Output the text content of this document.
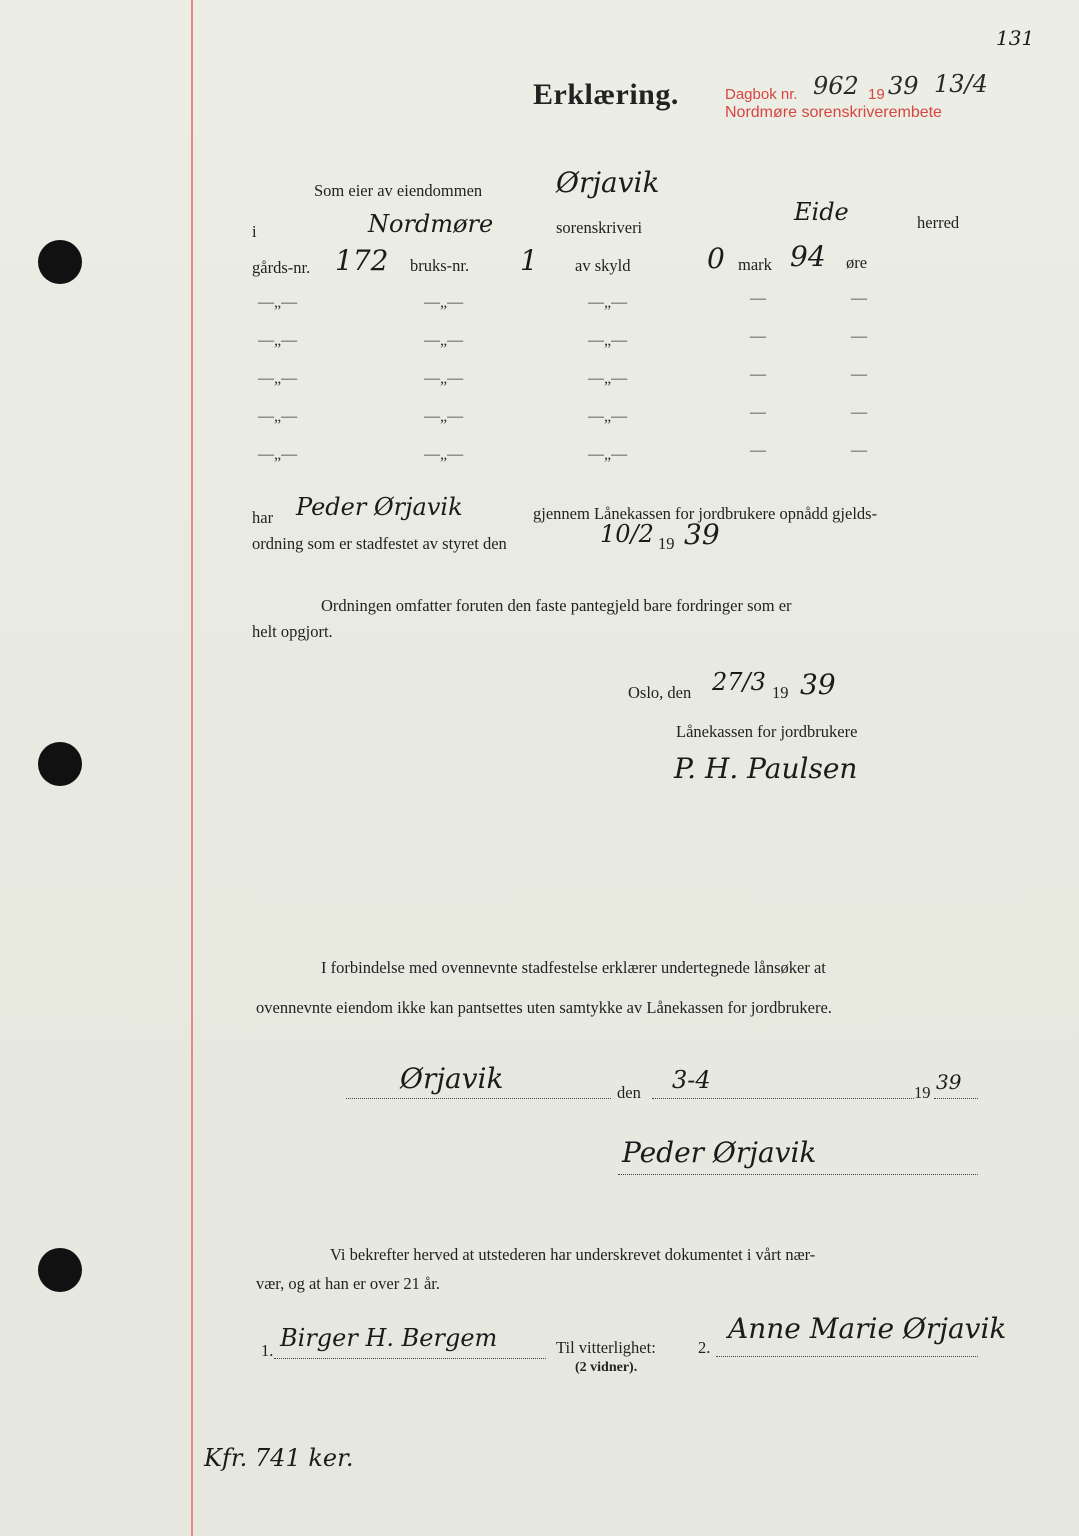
131
Erklæring.	Dagbok nr. 962 19 39 13/4
Nordmøre sorenskriverembete
Som eier av eiendommen	Ørjavik
i	Nordmøre	sorenskriveri
Eide	herred
gårds-nr. 172 bruks-nr. 1 av skyld	0 mark 94 øre
—„—	—„—	—„—	—	—
—„—	—„—	—„—	—	—
—„—	—„—	—„—	—	—
—„—	—„—	—„—	—	—
—„—	—„—	—„—	—	—
har Peder Ørjavik	gjennem Lånekassen for jordbrukere opnådd gjelds-
ordning som er stadfestet av styret den	10/2 19 39
Ordningen omfatter foruten den faste pantegjeld bare fordringer som er
helt opgjort.
Oslo, den 27/3 19 39
Lånekassen for jordbrukere
P. H. Paulsen
I forbindelse med ovennevnte stadfestelse erklærer undertegnede lånsøker at
ovennevnte eiendom ikke kan pantsettes uten samtykke av Lånekassen for jordbrukere.
Ørjavik	den 3-4	19 39
Peder Ørjavik
Vi bekrefter herved at utstederen har underskrevet dokumentet i vårt nær-
vær, og at han er over 21 år.
1. Birger H. Bergem	Til vitterlighet:	2.
Anne Marie Ørjavik
(2 vidner).
Kfr. 741 ker.
